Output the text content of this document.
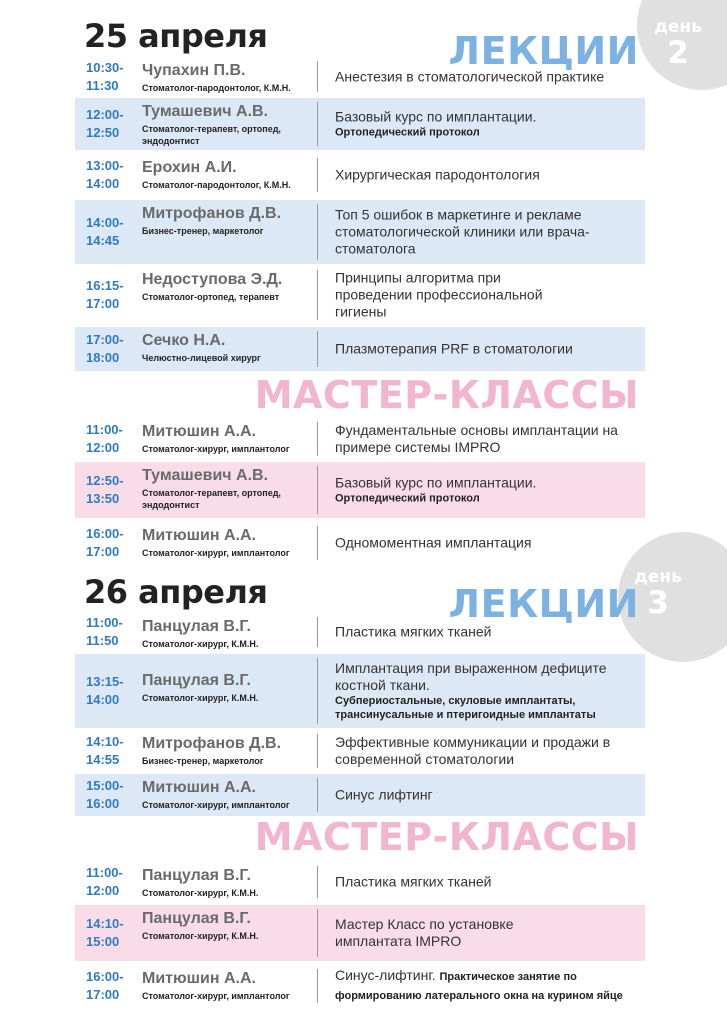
день
2
день
3
25 апреля	ЛЕКЦИИ
10:30-
11:30
Чупахин П.В.
Стоматолог-пародонтолог, К.М.Н.
Анестезия в стоматологической практике
12:00-
12:50
Тумашевич А.В.
Стоматолог-терапевт, ортопед, эндодонтист
Базовый курс по имплантации.
Ортопедический протокол
13:00-
14:00
Ерохин А.И.
Стоматолог-пародонтолог, К.М.Н.
Хирургическая пародонтология
14:00-
14:45
Митрофанов Д.В.
Бизнес-тренер, маркетолог
Топ 5 ошибок в маркетинге и рекламе стоматологической клиники или врача-стоматолога
16:15-
17:00
Недоступова Э.Д.
Стоматолог-ортопед, терапевт
Принципы алгоритма при проведении профессиональной гигиены
17:00-
18:00
Сечко Н.А.
Челюстно-лицевой хирург
Плазмотерапия PRF в стоматологии
МАСТЕР-КЛАССЫ
11:00-
12:00
Митюшин А.А.
Стоматолог-хирург, имплантолог
Фундаментальные основы имплантации на примере системы IMPRO
12:50-
13:50
Тумашевич А.В.
Стоматолог-терапевт, ортопед, эндодонтист
Базовый курс по имплантации.
Ортопедический протокол
16:00-
17:00
Митюшин А.А.
Стоматолог-хирург, имплантолог
Одномоментная имплантация
26 апреля	ЛЕКЦИИ
11:00-
11:50
Панцулая В.Г.
Стоматолог-хирург, К.М.Н.
Пластика мягких тканей
13:15-
14:00
Панцулая В.Г.
Стоматолог-хирург, К.М.Н.
Имплантация при выраженном дефиците костной ткани.
Субпериостальные, скуловые имплантаты, трансинусальные и птеригоидные имплантаты
14:10-
14:55
Митрофанов Д.В.
Бизнес-тренер, маркетолог
Эффективные коммуникации и продажи в современной стоматологии
15:00-
16:00
Митюшин А.А.
Стоматолог-хирург, имплантолог
Синус лифтинг
МАСТЕР-КЛАССЫ
11:00-
12:00
Панцулая В.Г.
Стоматолог-хирург, К.М.Н.
Пластика мягких тканей
14:10-
15:00
Панцулая В.Г.
Стоматолог-хирург, К.М.Н.
Мастер Класс по установке имплантата IMPRO
16:00-
17:00
Митюшин А.А.
Стоматолог-хирург, имплантолог
Синус-лифтинг. Практическое занятие по формированию латерального окна на курином яйце
